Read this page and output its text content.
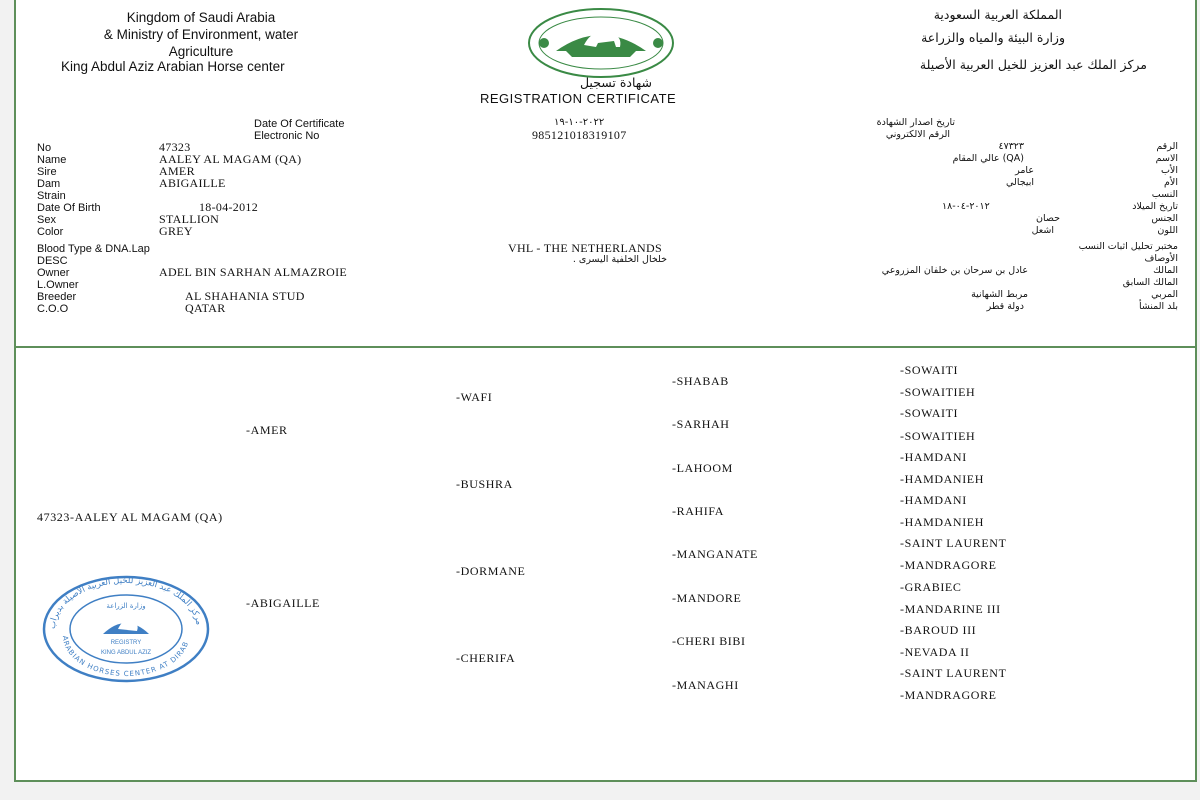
Kingdom of Saudi Arabia
& Ministry of Environment, water
Agriculture
King Abdul Aziz Arabian Horse center
المملكة العربية السعودية
وزارة البيئة والمياه والزراعة
مركز الملك عبد العزيز للخيل العربية الأصيلة
شهادة تسجيل
REGISTRATION CERTIFICATE
Date Of Certificate	٢٠٢٢-١٠-١٩	تاريخ اصدار الشهادة
Electronic No	985121018319107	الرقم الالكتروني
No	47323	٤٧٣٢٣	الرقم
Name	AALEY AL MAGAM (QA)	(QA) عالي المقام	الاسم
Sire	AMER	عامر	الأب
Dam	ABIGAILLE	ابيجالي	الأم
Strain	النسب
Date Of Birth	18-04-2012	٢٠١٢-٠٤-١٨	تاريخ الميلاد
Sex	STALLION	حصان	الجنس
Color	GREY	اشعل	اللون
Blood Type & DNA.Lap	VHL - THE NETHERLANDS	مختبر تحليل اثبات النسب
DESC	خلخال الخلفية اليسرى .	الأوصاف
Owner	ADEL BIN SARHAN ALMAZROIE	عادل بن سرحان بن خلفان المزروعي	المالك
L.Owner	المالك السابق
Breeder	AL SHAHANIA STUD	مربط الشهانية	المربي
C.O.O	QATAR	دولة قطر	بلد المنشأ
47323-AALEY AL MAGAM (QA)
-AMER
-ABIGAILLE
-WAFI
-BUSHRA
-DORMANE
-CHERIFA
-SHABAB
-SARHAH
-LAHOOM
-RAHIFA
-MANGANATE
-MANDORE
-CHERI BIBI
-MANAGHI
-SOWAITI
-SOWAITIEH
-SOWAITI
-SOWAITIEH
-HAMDANI
-HAMDANIEH
-HAMDANI
-HAMDANIEH
-SAINT LAURENT
-MANDRAGORE
-GRABIEC
-MANDARINE III
-BAROUD III
-NEVADA II
-SAINT LAURENT
-MANDRAGORE
مركز الملك عبد العزيز للخيل العربية الأصيلة بديراب
ARABIAN HORSES CENTER AT DIRAB
وزارة الزراعة
REGISTRY
KING ABDUL AZIZ
